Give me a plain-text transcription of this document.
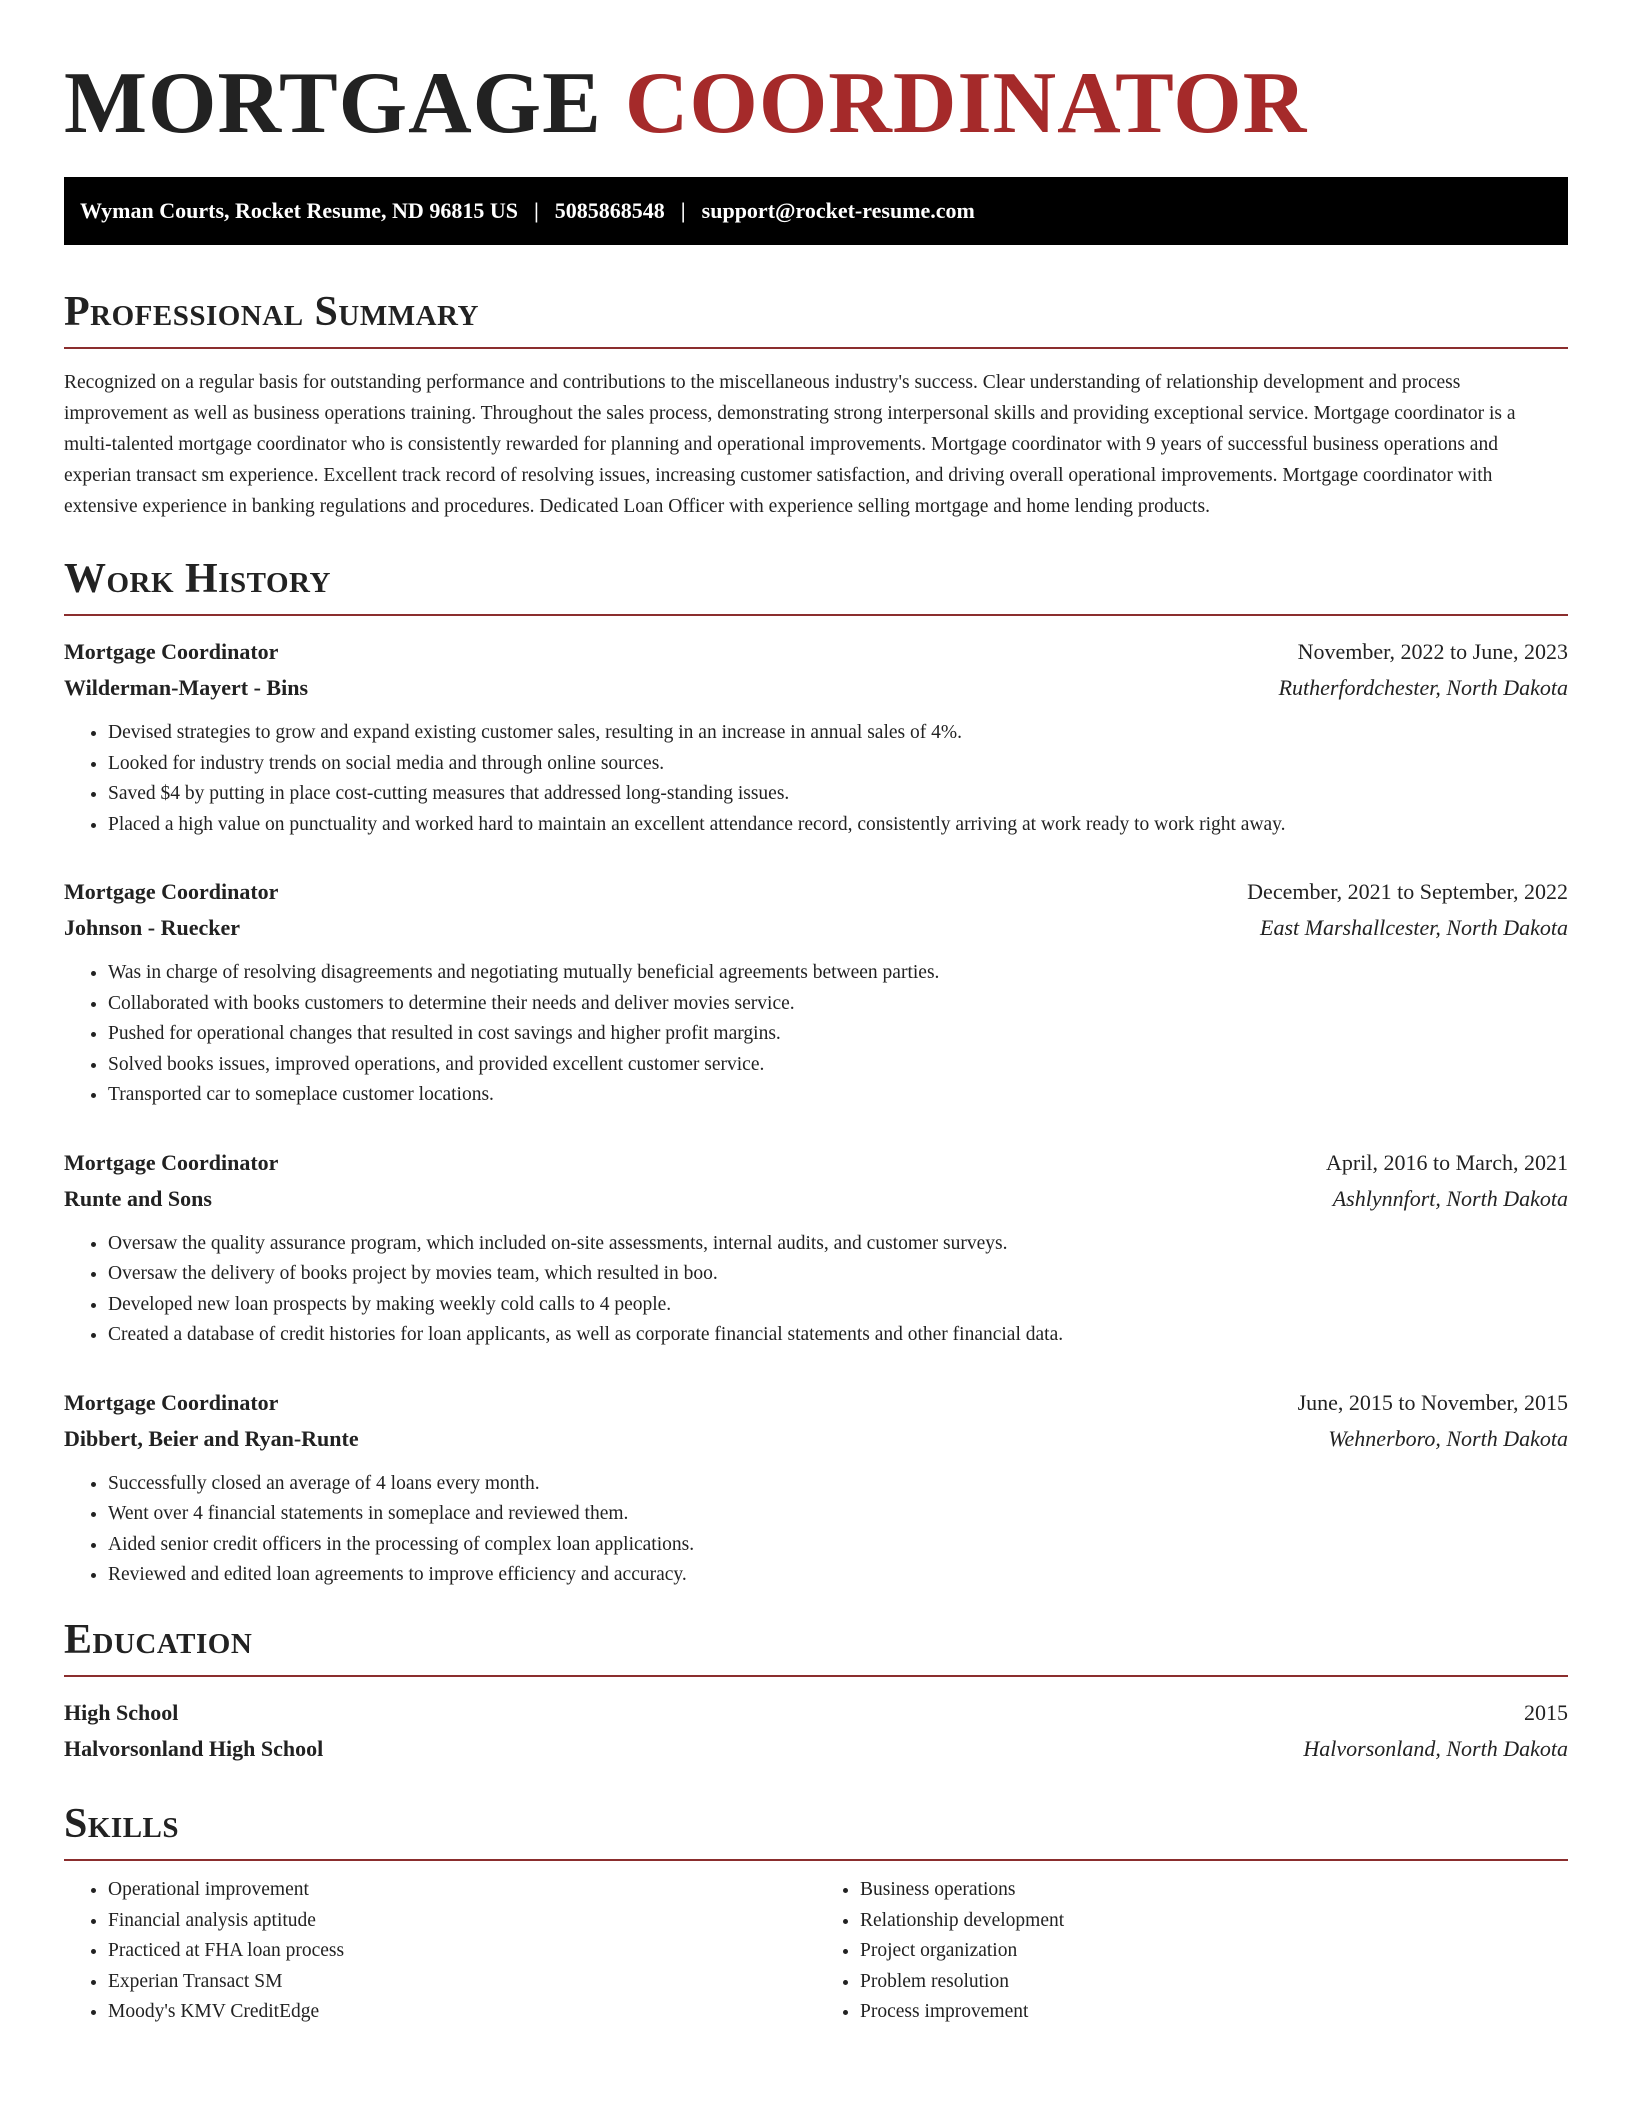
MORTGAGE COORDINATOR
Wyman Courts, Rocket Resume, ND 96815 US | 5085868548 | support@rocket-resume.com
Professional Summary

Recognized on a regular basis for outstanding performance and contributions to the miscellaneous industry's success. Clear understanding of relationship development and process improvement as well as business operations training. Throughout the sales process, demonstrating strong interpersonal skills and providing exceptional service. Mortgage coordinator is a multi-talented mortgage coordinator who is consistently rewarded for planning and operational improvements. Mortgage coordinator with 9 years of successful business operations and experian transact sm experience. Excellent track record of resolving issues, increasing customer satisfaction, and driving overall operational improvements. Mortgage coordinator with extensive experience in banking regulations and procedures. Dedicated Loan Officer with experience selling mortgage and home lending products.

Work History
Mortgage Coordinator	November, 2022 to June, 2023
Wilderman-Mayert - Bins	Rutherfordchester, North Dakota
• Devised strategies to grow and expand existing customer sales, resulting in an increase in annual sales of 4%.
• Looked for industry trends on social media and through online sources.
• Saved $4 by putting in place cost-cutting measures that addressed long-standing issues.
• Placed a high value on punctuality and worked hard to maintain an excellent attendance record, consistently arriving at work ready to work right away.
Mortgage Coordinator	December, 2021 to September, 2022
Johnson - Ruecker	East Marshallcester, North Dakota
• Was in charge of resolving disagreements and negotiating mutually beneficial agreements between parties.
• Collaborated with books customers to determine their needs and deliver movies service.
• Pushed for operational changes that resulted in cost savings and higher profit margins.
• Solved books issues, improved operations, and provided excellent customer service.
• Transported car to someplace customer locations.
Mortgage Coordinator	April, 2016 to March, 2021
Runte and Sons	Ashlynnfort, North Dakota
• Oversaw the quality assurance program, which included on-site assessments, internal audits, and customer surveys.
• Oversaw the delivery of books project by movies team, which resulted in boo.
• Developed new loan prospects by making weekly cold calls to 4 people.
• Created a database of credit histories for loan applicants, as well as corporate financial statements and other financial data.
Mortgage Coordinator	June, 2015 to November, 2015
Dibbert, Beier and Ryan-Runte	Wehnerboro, North Dakota
• Successfully closed an average of 4 loans every month.
• Went over 4 financial statements in someplace and reviewed them.
• Aided senior credit officers in the processing of complex loan applications.
• Reviewed and edited loan agreements to improve efficiency and accuracy.
Education
High School	2015
Halvorsonland High School	Halvorsonland, North Dakota
Skills
• Operational improvement
• Financial analysis aptitude
• Practiced at FHA loan process
• Experian Transact SM
• Moody's KMV CreditEdge
• Business operations
• Relationship development
• Project organization
• Problem resolution
• Process improvement
